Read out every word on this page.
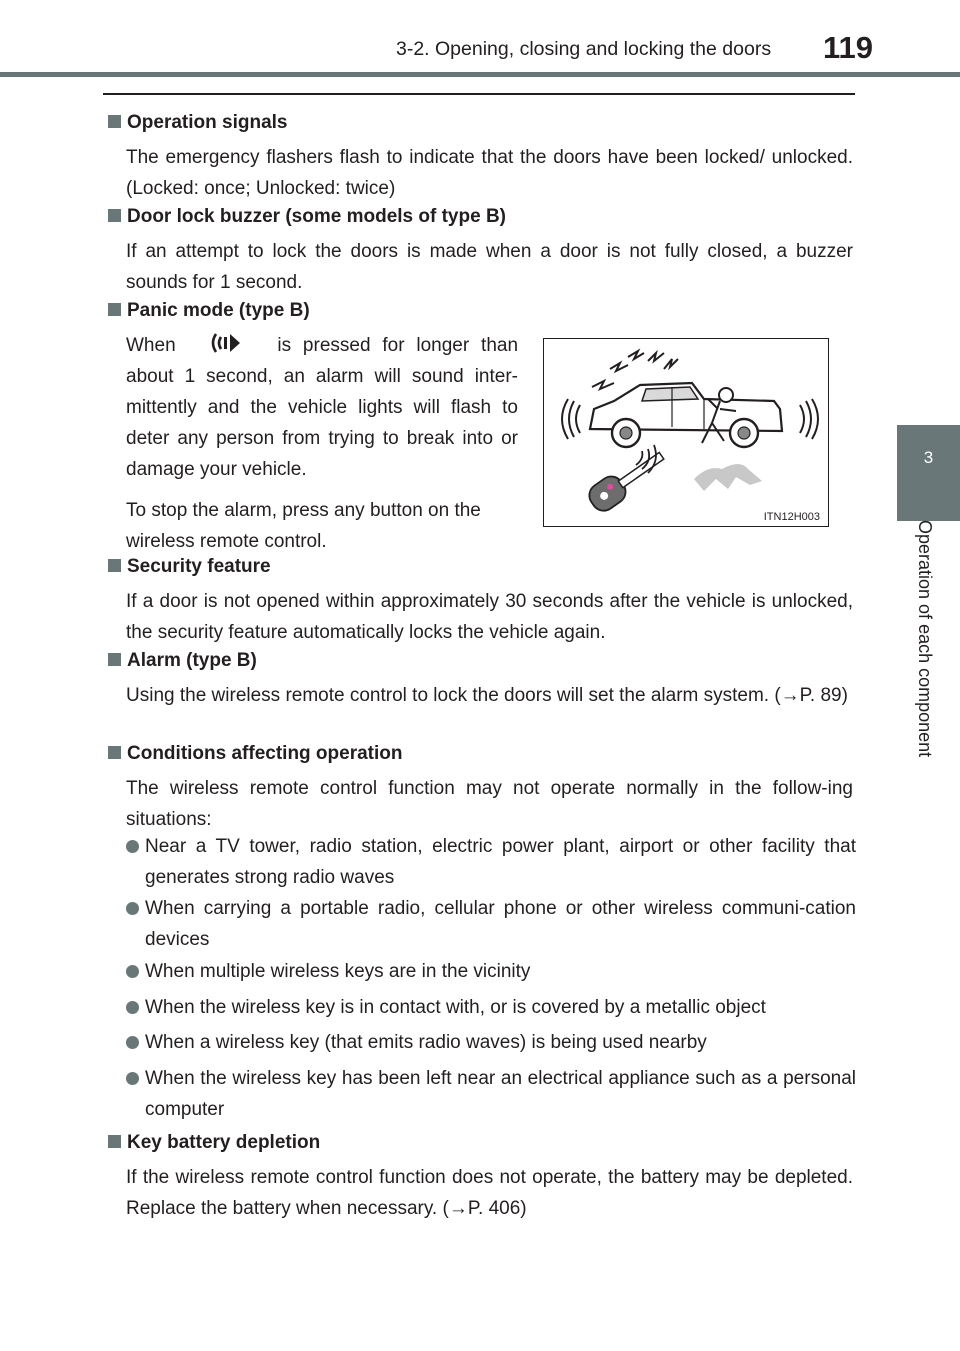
3-2. Opening, closing and locking the doors 119
3
Operation of each component
Operation signals
The emergency flashers flash to indicate that the doors have been locked/ unlocked. (Locked: once; Unlocked: twice)
Door lock buzzer (some models of type B)
If an attempt to lock the doors is made when a door is not fully closed, a buzzer sounds for 1 second.
Panic mode (type B)

When	is pressed for longer than about 1 second, an alarm will sound inter-mittently and the vehicle lights will flash to deter any person from trying to break into or damage your vehicle.

To stop the alarm, press any button on the wireless remote control.

ITN12H003
Security feature
If a door is not opened within approximately 30 seconds after the vehicle is unlocked, the security feature automatically locks the vehicle again.
Alarm (type B)
Using the wireless remote control to lock the doors will set the alarm system. (→P. 89)
Conditions affecting operation
The wireless remote control function may not operate normally in the follow-ing situations:
Near a TV tower, radio station, electric power plant, airport or other facility that generates strong radio waves
When carrying a portable radio, cellular phone or other wireless communi-cation devices
When multiple wireless keys are in the vicinity
When the wireless key is in contact with, or is covered by a metallic object
When a wireless key (that emits radio waves) is being used nearby
When the wireless key has been left near an electrical appliance such as a personal computer
Key battery depletion
If the wireless remote control function does not operate, the battery may be depleted. Replace the battery when necessary. (→P. 406)
